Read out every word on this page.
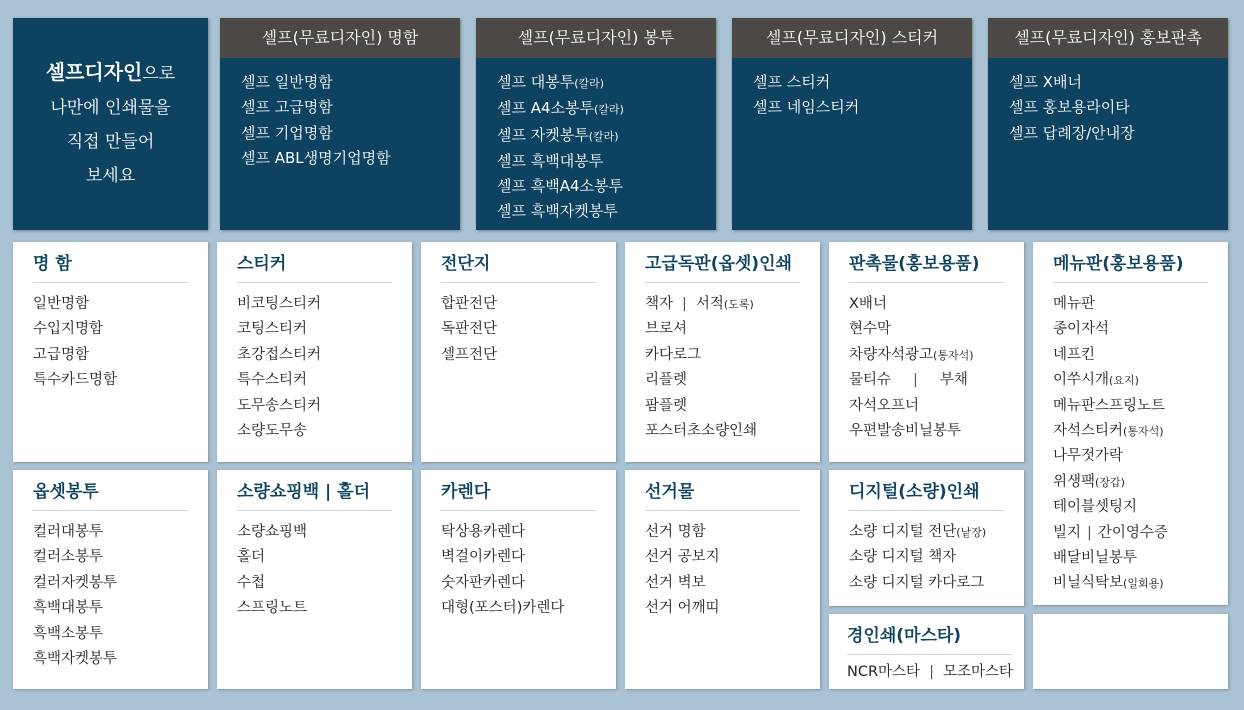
셀프디자인으로
나만에 인쇄물을
직접 만들어
보세요
셀프(무료디자인) 명함
셀프 일반명함
셀프 고급명함
셀프 기업명함
셀프 ABL생명기업명함
셀프(무료디자인) 봉투
셀프 대봉투(칼라)
셀프 A4소봉투(칼라)
셀프 자켓봉투(칼라)
셀프 흑백대봉투
셀프 흑백A4소봉투
셀프 흑백자켓봉투
셀프(무료디자인) 스티커
셀프 스티커
셀프 네임스티커
셀프(무료디자인) 홍보판촉
셀프 X배너
셀프 홍보용라이타
셀프 답례장/안내장
명 함
일반명함
수입지명함
고급명함
특수카드명함
스티커
비코팅스티커
코팅스티커
초강접스티커
특수스티커
도무송스티커
소량도무송
전단지
합판전단
독판전단
셀프전단
고급독판(옵셋)인쇄
책자 | 서적(도록)
브로셔
카다로그
리플렛
팜플렛
포스터초소량인쇄
판촉물(홍보용품)
X배너
현수막
차량자석광고(통자석)
물티슈 | 부채
자석오프너
우편발송비닐봉투
메뉴판(홍보용품)
메뉴판
종이자석
네프킨
이쑤시개(요지)
메뉴판스프링노트
자석스티커(통자석)
나무젓가락
위생팩(장갑)
테이블셋팅지
빌지 | 간이영수증
배달비닐봉투
비닐식탁보(일회용)
옵셋봉투
컬러대봉투
컬러소봉투
컬러자켓봉투
흑백대봉투
흑백소봉투
흑백자켓봉투
소량쇼핑백 | 홀더
소량쇼핑백
홀더
수첩
스프링노트
카렌다
탁상용카렌다
벽걸이카렌다
숫자판카렌다
대형(포스터)카렌다
선거물
선거 명함
선거 공보지
선거 벽보
선거 어깨띠
디지털(소량)인쇄
소량 디지털 전단(낱장)
소량 디지털 책자
소량 디지털 카다로그
경인쇄(마스타)
NCR마스타 | 모조마스타
